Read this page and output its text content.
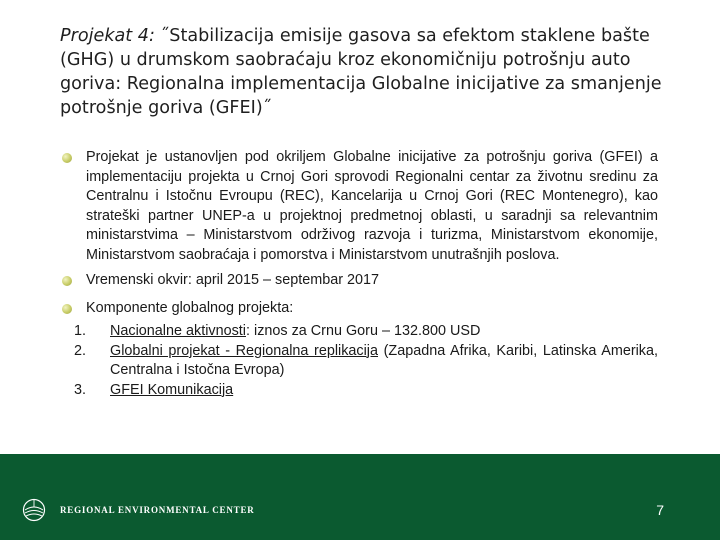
Projekat 4: ˝Stabilizacija emisije gasova sa efektom staklene bašte (GHG) u drumskom saobraćaju kroz ekonomičniju potrošnju auto goriva: Regionalna implementacija Globalne inicijative za smanjenje potrošnje goriva (GFEI)˝
Projekat je ustanovljen pod okriljem Globalne inicijative za potrošnju goriva (GFEI) a implementaciju projekta u Crnoj Gori sprovodi Regionalni centar za životnu sredinu za Centralnu i Istočnu Evroupu (REC), Kancelarija u Crnoj Gori (REC Montenegro), kao strateški partner UNEP-a u projektnoj predmetnoj oblasti, u saradnji sa relevantnim ministarstvima – Ministarstvom održivog razvoja i turizma, Ministarstvom ekonomije, Ministarstvom saobraćaja i pomorstva i Ministarstvom unutrašnjih poslova.
Vremenski okvir: april 2015 – septembar 2017
Komponente globalnog projekta:
1. Nacionalne aktivnosti: iznos za Crnu Goru – 132.800 USD
2. Globalni projekat - Regionalna replikacija (Zapadna Afrika, Karibi, Latinska Amerika, Centralna i Istočna Evropa)
3. GFEI Komunikacija
REGIONAL ENVIRONMENTAL CENTER	7
